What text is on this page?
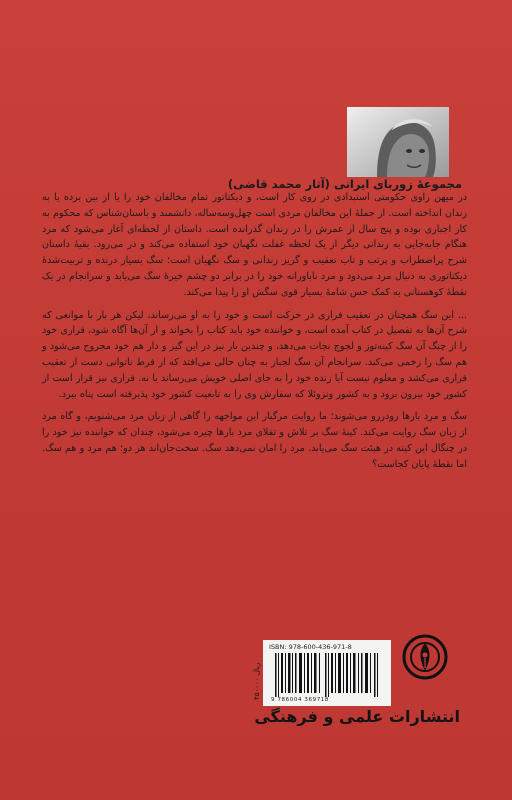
مجموعهٔ زوربای ایرانی (آثار محمد قاضی)

در میهن راوی حکومتی استبدادی در روی کار است، و دیکتاتور تمام مخالفان خود را یا از بین برده یا به زندان انداخته است. از جملهٔ این مخالفان مردی است چهل‌وسه‌ساله، دانشمند و باستان‌شناس که محکوم به کار اجباری بوده و پنج سال از عمرش را در زندان گذرانده است. داستان از لحظه‌ای آغاز می‌شود که مرد هنگام جابه‌جایی به زندانی دیگر از یک لحظه غفلت نگهبان خود استفاده می‌کند و در می‌رود. بقیهٔ داستان شرح پراضطراب و پرتب و تاب تعقیب و گریز زندانی و سگ نگهبان است؛ سگ بسیار درنده و تربیت‌شدهٔ دیکتاتوری به دنبال مرد می‌دود و مرد ناباورانه خود را در برابر دو چشم خیرهٔ سگ می‌یابد و سرانجام در یک نقطهٔ کوهستانی به کمک حس شامهٔ بسیار قوی سگش او را پیدا می‌کند.

... این سگ همچنان در تعقیب فراری در حرکت است و خود را به او می‌رساند، لیکن هر بار با موانعی که شرح آن‌ها به تفصیل در کتاب آمده است، و خواننده خود باید کتاب را بخواند و از آن‌ها آگاه شود، فراری خود را از چنگ آن سگ کینه‌توز و لجوج نجات می‌دهد، و چندین بار نیز در این گیر و دار هم خود مجروح می‌شود و هم سگ را زخمی می‌کند. سرانجام آن سگ لجباز به چنان حالی می‌افتد که از فرط ناتوانی دست از تعقیب فراری می‌کشد و معلوم نیست آیا زنده خود را به جای اصلی خویش می‌رساند یا نه. فراری نیز قرار است از کشور خود بیرون برود و به کشور ونزوئلا که سفارش وی را به تابعیت کشور خود پذیرفته است پناه ببرد.

سگ و مرد بارها رودررو می‌شوند؛ ما روایت مرگبار این مواجهه را گاهی از زبان مرد می‌شنویم، و گاه مرد از زبان سگ روایت می‌کند. کینهٔ سگ بر تلاش و تقلای مرد بارها چیره می‌شود، چندان که خواننده نیز خود را در چنگال این کینه در هیئت سگ می‌یابد. مرد را امان نمی‌دهد سگ. سخت‌جان‌اند هر دو؛ هم مرد و هم سگ. اما نقطهٔ پایان کجاست؟

۴۵۰۰۰۰ ریال
ISBN: 978-600-436-971-8
9 786004 369718
انتشارات علمی و فرهنگی
